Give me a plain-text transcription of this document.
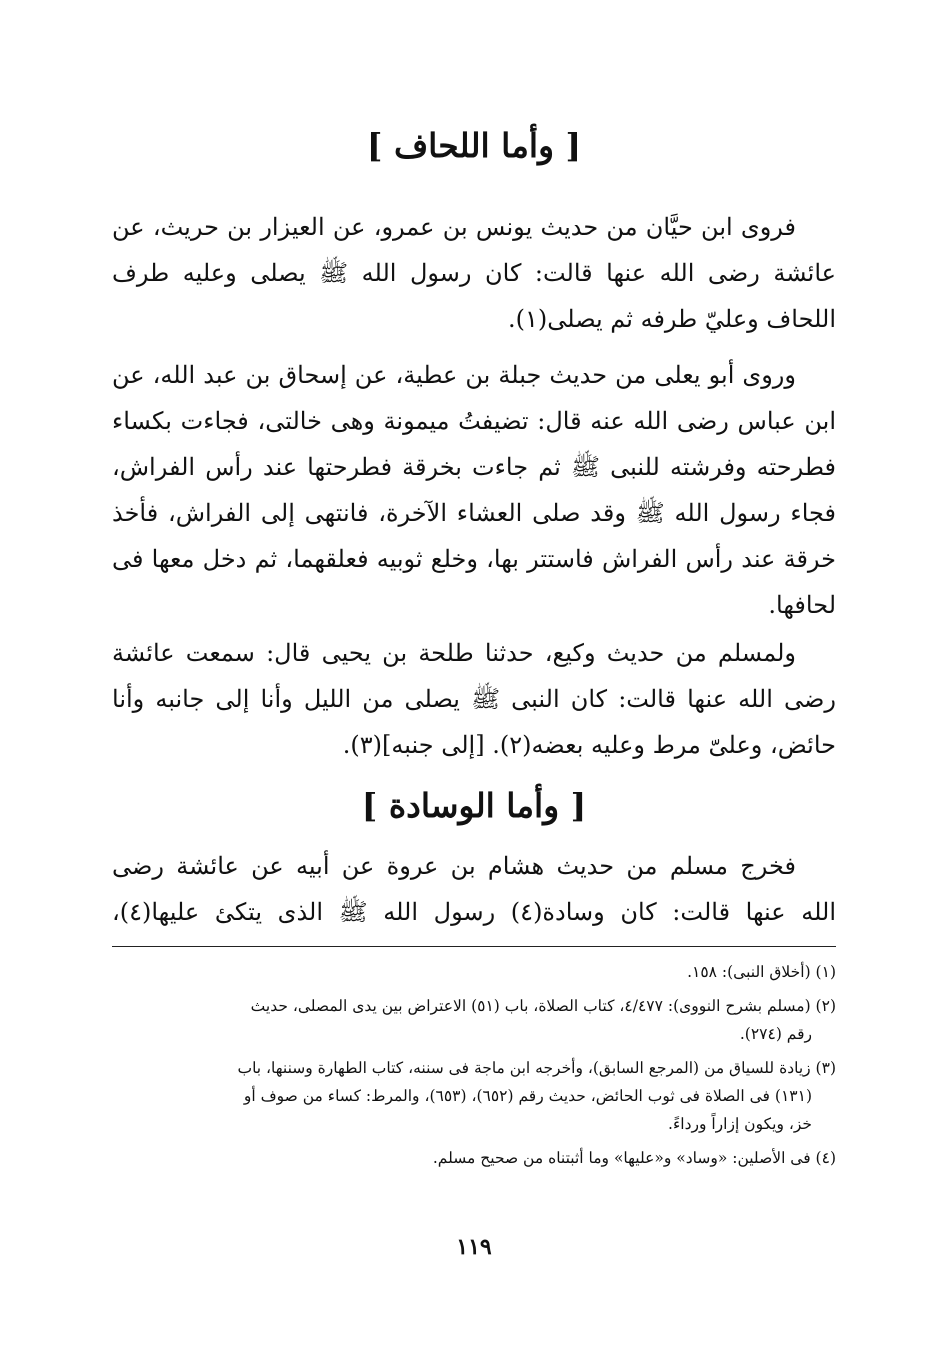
[ وأما اللحاف ]

فروى ابن حيَّان من حديث يونس بن عمرو، عن العيزار بن حريث، عن
عائشة رضى الله عنها قالت: كان رسول الله ﷺ يصلى وعليه طرف
اللحاف وعليّ طرفه ثم يصلى(١).

وروى أبو يعلى من حديث جبلة بن عطية، عن إسحاق بن عبد الله، عن
ابن عباس رضى الله عنه قال: تضيفتُ ميمونة وهى خالتى، فجاءت بكساء
فطرحته وفرشته للنبى ﷺ ثم جاءت بخرقة فطرحتها عند رأس الفراش،
فجاء رسول الله ﷺ وقد صلى العشاء الآخرة، فانتهى إلى الفراش، فأخذ
خرقة عند رأس الفراش فاستتر بها، وخلع ثوبيه فعلقهما، ثم دخل معها فى
لحافها.

ولمسلم من حديث وكيع، حدثنا طلحة بن يحيى قال: سمعت عائشة
رضى الله عنها قالت: كان النبى ﷺ يصلى من الليل وأنا إلى جانبه وأنا
حائض، وعلىّ مرط وعليه بعضه(٢). [إلى جنبه](٣).

[ وأما الوسادة ]

فخرج مسلم من حديث هشام بن عروة عن أبيه عن عائشة رضى
الله عنها قالت: كان وسادة(٤) رسول الله ﷺ الذى يتكئ عليها(٤)،

(١) (أخلاق النبى): ١٥٨.

(٢) (مسلم بشرح النووى): ٤/٤٧٧، كتاب الصلاة، باب (٥١) الاعتراض بين يدى المصلى، حديث
رقم (٢٧٤).

(٣) زيادة للسياق من (المرجع السابق)، وأخرجه ابن ماجة فى سننه، كتاب الطهارة وسننها، باب
(١٣١) فى الصلاة فى ثوب الحائض، حديث رقم (٦٥٢)، (٦٥٣)، والمرط: كساء من صوف أو
خز، ويكون إزاراً ورداءً.

(٤) فى الأصلين: «وساد» و«عليها» وما أثبتناه من صحيح مسلم.

١١٩
